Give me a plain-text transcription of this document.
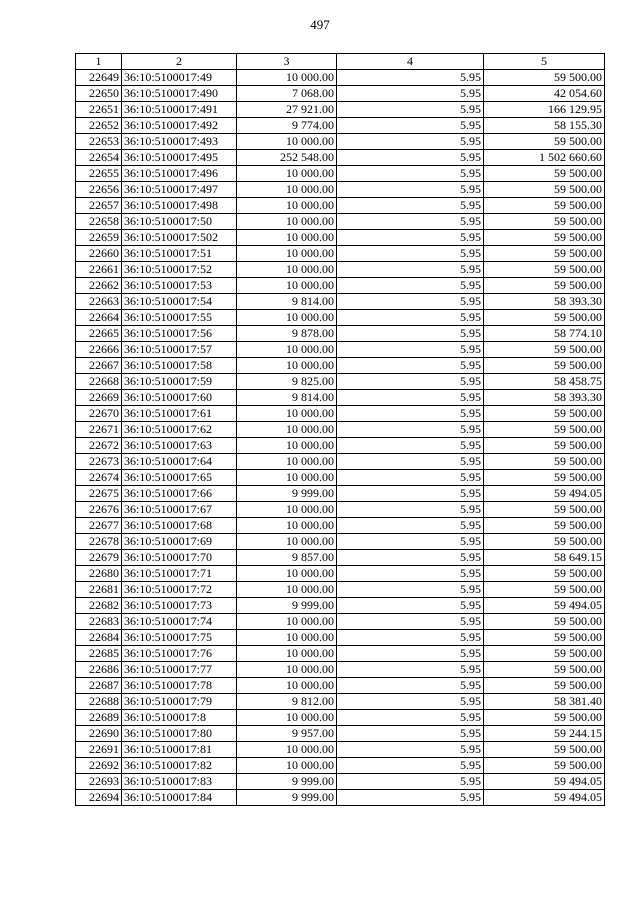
497
1	2	3	4	5
22649	36:10:5100017:49	10 000.00	5.95	59 500.00
22650	36:10:5100017:490	7 068.00	5.95	42 054.60
22651	36:10:5100017:491	27 921.00	5.95	166 129.95
22652	36:10:5100017:492	9 774.00	5.95	58 155.30
22653	36:10:5100017:493	10 000.00	5.95	59 500.00
22654	36:10:5100017:495	252 548.00	5.95	1 502 660.60
22655	36:10:5100017:496	10 000.00	5.95	59 500.00
22656	36:10:5100017:497	10 000.00	5.95	59 500.00
22657	36:10:5100017:498	10 000.00	5.95	59 500.00
22658	36:10:5100017:50	10 000.00	5.95	59 500.00
22659	36:10:5100017:502	10 000.00	5.95	59 500.00
22660	36:10:5100017:51	10 000.00	5.95	59 500.00
22661	36:10:5100017:52	10 000.00	5.95	59 500.00
22662	36:10:5100017:53	10 000.00	5.95	59 500.00
22663	36:10:5100017:54	9 814.00	5.95	58 393.30
22664	36:10:5100017:55	10 000.00	5.95	59 500.00
22665	36:10:5100017:56	9 878.00	5.95	58 774.10
22666	36:10:5100017:57	10 000.00	5.95	59 500.00
22667	36:10:5100017:58	10 000.00	5.95	59 500.00
22668	36:10:5100017:59	9 825.00	5.95	58 458.75
22669	36:10:5100017:60	9 814.00	5.95	58 393.30
22670	36:10:5100017:61	10 000.00	5.95	59 500.00
22671	36:10:5100017:62	10 000.00	5.95	59 500.00
22672	36:10:5100017:63	10 000.00	5.95	59 500.00
22673	36:10:5100017:64	10 000.00	5.95	59 500.00
22674	36:10:5100017:65	10 000.00	5.95	59 500.00
22675	36:10:5100017:66	9 999.00	5.95	59 494.05
22676	36:10:5100017:67	10 000.00	5.95	59 500.00
22677	36:10:5100017:68	10 000.00	5.95	59 500.00
22678	36:10:5100017:69	10 000.00	5.95	59 500.00
22679	36:10:5100017:70	9 857.00	5.95	58 649.15
22680	36:10:5100017:71	10 000.00	5.95	59 500.00
22681	36:10:5100017:72	10 000.00	5.95	59 500.00
22682	36:10:5100017:73	9 999.00	5.95	59 494.05
22683	36:10:5100017:74	10 000.00	5.95	59 500.00
22684	36:10:5100017:75	10 000.00	5.95	59 500.00
22685	36:10:5100017:76	10 000.00	5.95	59 500.00
22686	36:10:5100017:77	10 000.00	5.95	59 500.00
22687	36:10:5100017:78	10 000.00	5.95	59 500.00
22688	36:10:5100017:79	9 812.00	5.95	58 381.40
22689	36:10:5100017:8	10 000.00	5.95	59 500.00
22690	36:10:5100017:80	9 957.00	5.95	59 244.15
22691	36:10:5100017:81	10 000.00	5.95	59 500.00
22692	36:10:5100017:82	10 000.00	5.95	59 500.00
22693	36:10:5100017:83	9 999.00	5.95	59 494.05
22694	36:10:5100017:84	9 999.00	5.95	59 494.05
